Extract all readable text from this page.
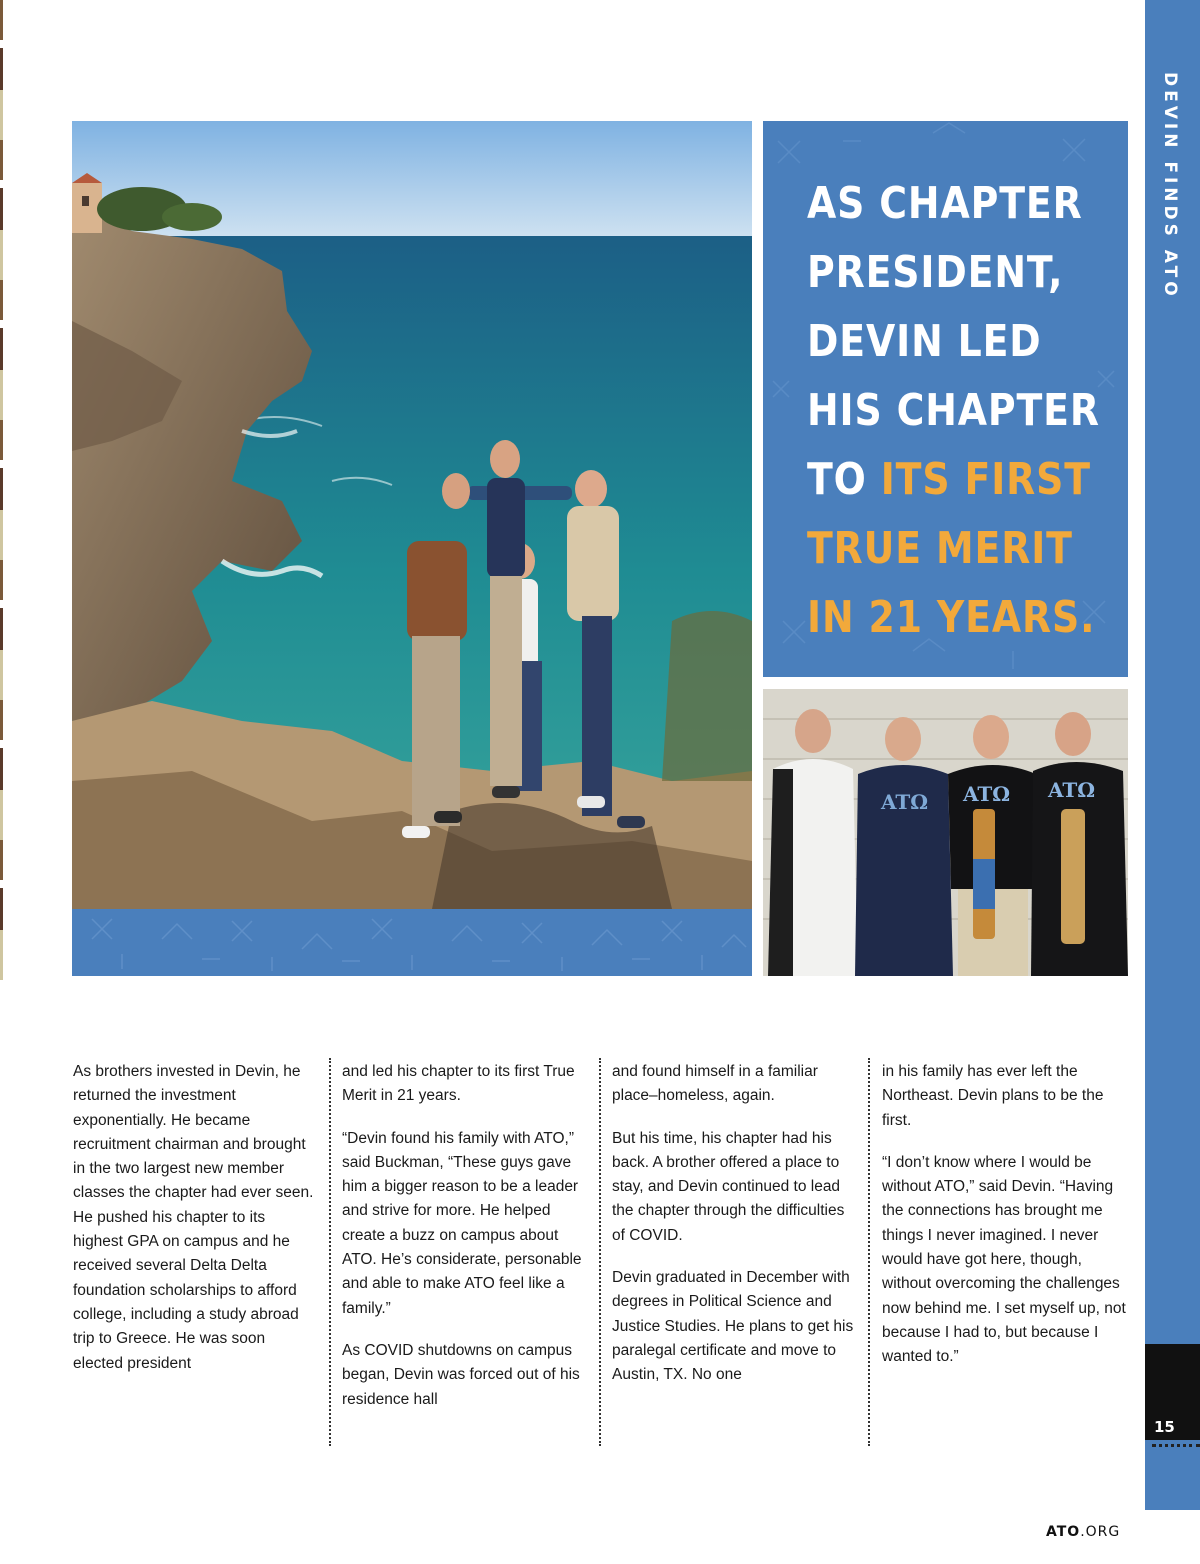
DEVIN FINDS ATO
15
AS CHAPTER
PRESIDENT,
DEVIN LED
HIS CHAPTER
TO ITS FIRST
TRUE MERIT
IN 21 YEARS.
ATΩ ATΩ ATΩ

As brothers invested in Devin, he returned the investment exponentially. He became recruitment chairman and brought in the two largest new member classes the chapter had ever seen. He pushed his chapter to its highest GPA on campus and he received several Delta Delta foundation scholarships to afford college, including a study abroad trip to Greece. He was soon elected president

and led his chapter to its first True Merit in 21 years.

“Devin found his family with ATO,” said Buckman, “These guys gave him a bigger reason to be a leader and strive for more. He helped create a buzz on campus about ATO. He’s considerate, personable and able to make ATO feel like a family.”

As COVID shutdowns on campus began, Devin was forced out of his residence hall

and found himself in a familiar place–homeless, again.

But his time, his chapter had his back. A brother offered a place to stay, and Devin continued to lead the chapter through the difficulties of COVID.

Devin graduated in December with degrees in Political Science and Justice Studies. He plans to get his paralegal certificate and move to Austin, TX. No one

in his family has ever left the Northeast. Devin plans to be the first.

“I don’t know where I would be without ATO,” said Devin. “Having the connections has brought me things I never imagined. I never would have got here, though, without overcoming the challenges now behind me. I set myself up, not because I had to, but because I wanted to.”

ATO.ORG
